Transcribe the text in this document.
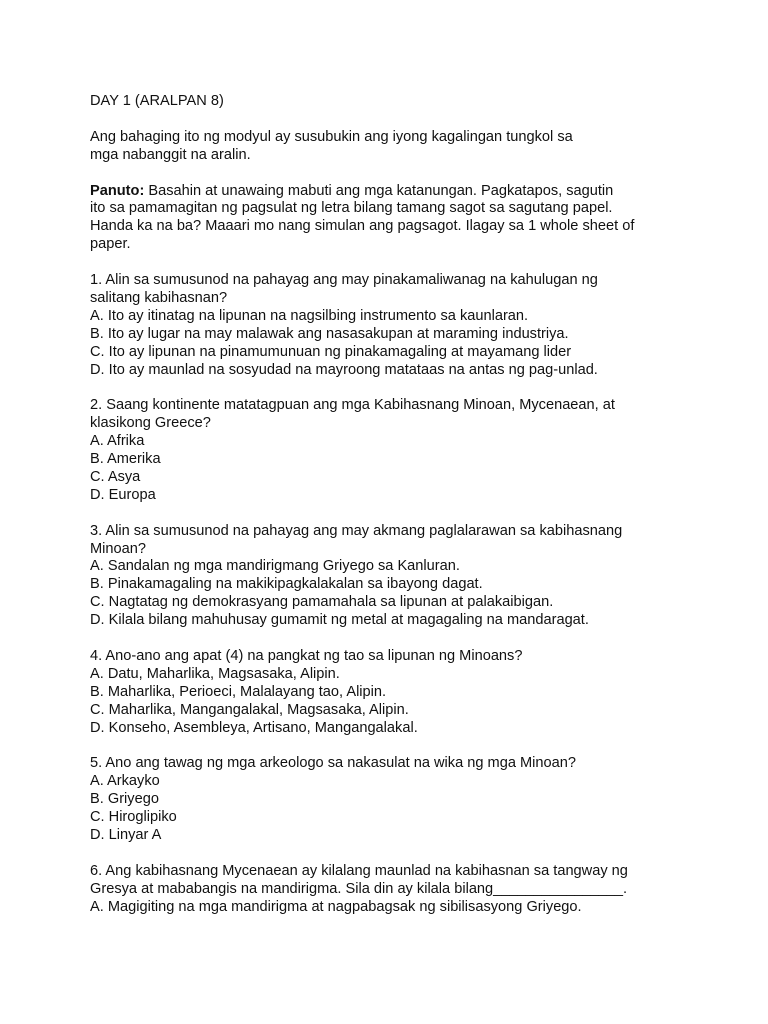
DAY 1 (ARALPAN 8)
Ang bahaging ito ng modyul ay susubukin ang iyong kagalingan tungkol sa
mga nabanggit na aralin.
Panuto: Basahin at unawaing mabuti ang mga katanungan. Pagkatapos, sagutin
ito sa pamamagitan ng pagsulat ng letra bilang tamang sagot sa sagutang papel.
Handa ka na ba? Maaari mo nang simulan ang pagsagot. Ilagay sa 1 whole sheet of
paper.
1. Alin sa sumusunod na pahayag ang may pinakamaliwanag na kahulugan ng
salitang kabihasnan?
A. Ito ay itinatag na lipunan na nagsilbing instrumento sa kaunlaran.
B. Ito ay lugar na may malawak ang nasasakupan at maraming industriya.
C. Ito ay lipunan na pinamumunuan ng pinakamagaling at mayamang lider
D. Ito ay maunlad na sosyudad na mayroong matataas na antas ng pag-unlad.
2. Saang kontinente matatagpuan ang mga Kabihasnang Minoan, Mycenaean, at
klasikong Greece?
A. Afrika
B. Amerika
C. Asya
D. Europa
3. Alin sa sumusunod na pahayag ang may akmang paglalarawan sa kabihasnang
Minoan?
A. Sandalan ng mga mandirigmang Griyego sa Kanluran.
B. Pinakamagaling na makikipagkalakalan sa ibayong dagat.
C. Nagtatag ng demokrasyang pamamahala sa lipunan at palakaibigan.
D. Kilala bilang mahuhusay gumamit ng metal at magagaling na mandaragat.
4. Ano-ano ang apat (4) na pangkat ng tao sa lipunan ng Minoans?
A. Datu, Maharlika, Magsasaka, Alipin.
B. Maharlika, Perioeci, Malalayang tao, Alipin.
C. Maharlika, Mangangalakal, Magsasaka, Alipin.
D. Konseho, Asembleya, Artisano, Mangangalakal.
5. Ano ang tawag ng mga arkeologo sa nakasulat na wika ng mga Minoan?
A. Arkayko
B. Griyego
C. Hiroglipiko
D. Linyar A
6. Ang kabihasnang Mycenaean ay kilalang maunlad na kabihasnan sa tangway ng
Gresya at mababangis na mandirigma. Sila din ay kilala bilang________________.
A. Magigiting na mga mandirigma at nagpabagsak ng sibilisasyong Griyego.
